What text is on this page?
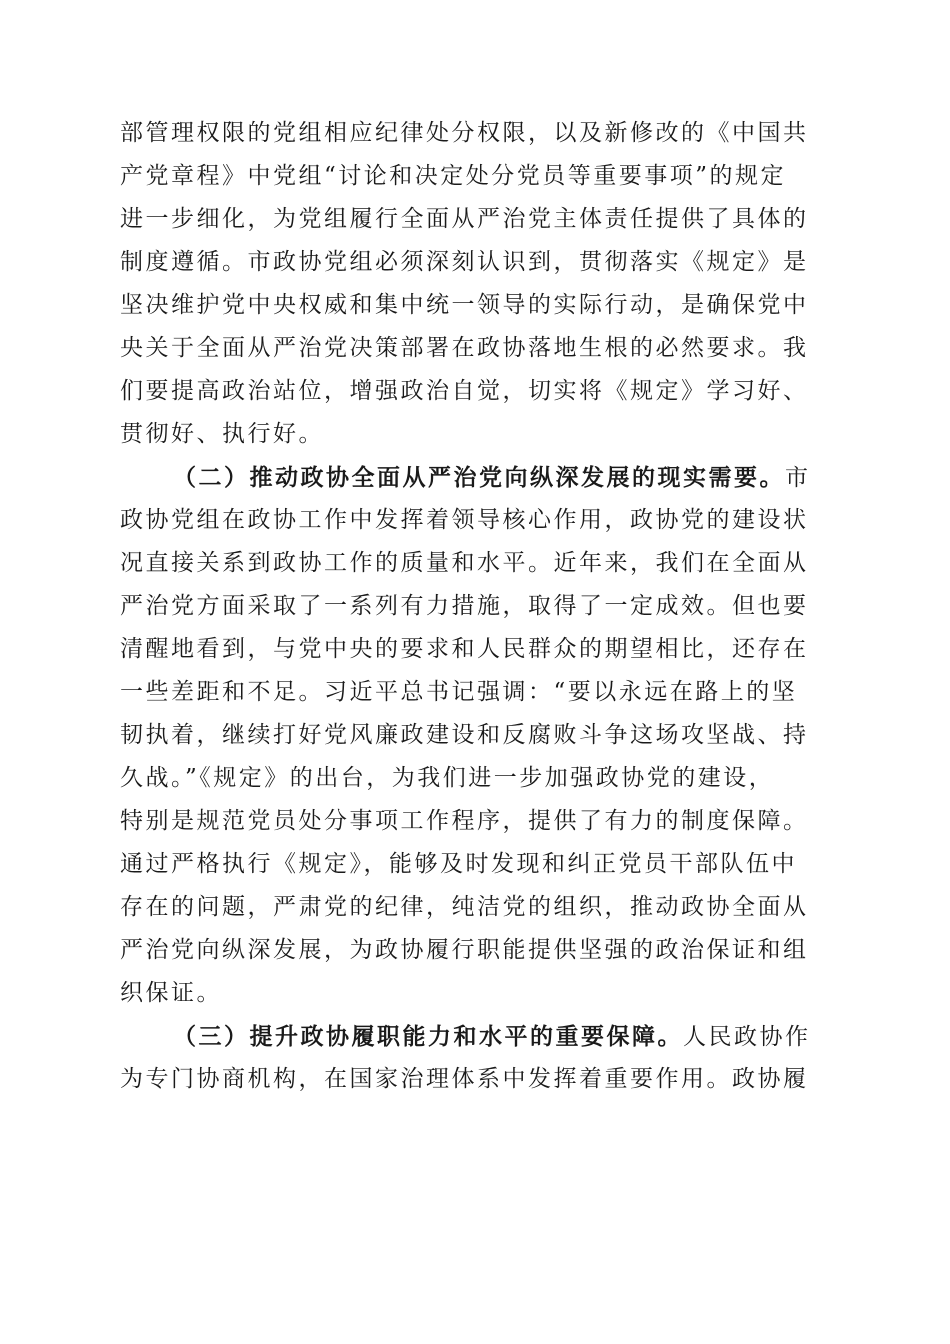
部管理权限的党组相应纪律处分权限，以及新修改的《中国共
产党章程》中党组“讨论和决定处分党员等重要事项”的规定
进一步细化，为党组履行全面从严治党主体责任提供了具体的
制度遵循。市政协党组必须深刻认识到，贯彻落实《规定》是
坚决维护党中央权威和集中统一领导的实际行动，是确保党中
央关于全面从严治党决策部署在政协落地生根的必然要求。我
们要提高政治站位，增强政治自觉，切实将《规定》学习好、
贯彻好、执行好。
（二）推动政协全面从严治党向纵深发展的现实需要。市
政协党组在政协工作中发挥着领导核心作用，政协党的建设状
况直接关系到政协工作的质量和水平。近年来，我们在全面从
严治党方面采取了一系列有力措施，取得了一定成效。但也要
清醒地看到，与党中央的要求和人民群众的期望相比，还存在
一些差距和不足。习近平总书记强调：“要以永远在路上的坚
韧执着，继续打好党风廉政建设和反腐败斗争这场攻坚战、持
久战。”《规定》的出台，为我们进一步加强政协党的建设，
特别是规范党员处分事项工作程序，提供了有力的制度保障。
通过严格执行《规定》，能够及时发现和纠正党员干部队伍中
存在的问题，严肃党的纪律，纯洁党的组织，推动政协全面从
严治党向纵深发展，为政协履行职能提供坚强的政治保证和组
织保证。
（三）提升政协履职能力和水平的重要保障。人民政协作
为专门协商机构，在国家治理体系中发挥着重要作用。政协履
